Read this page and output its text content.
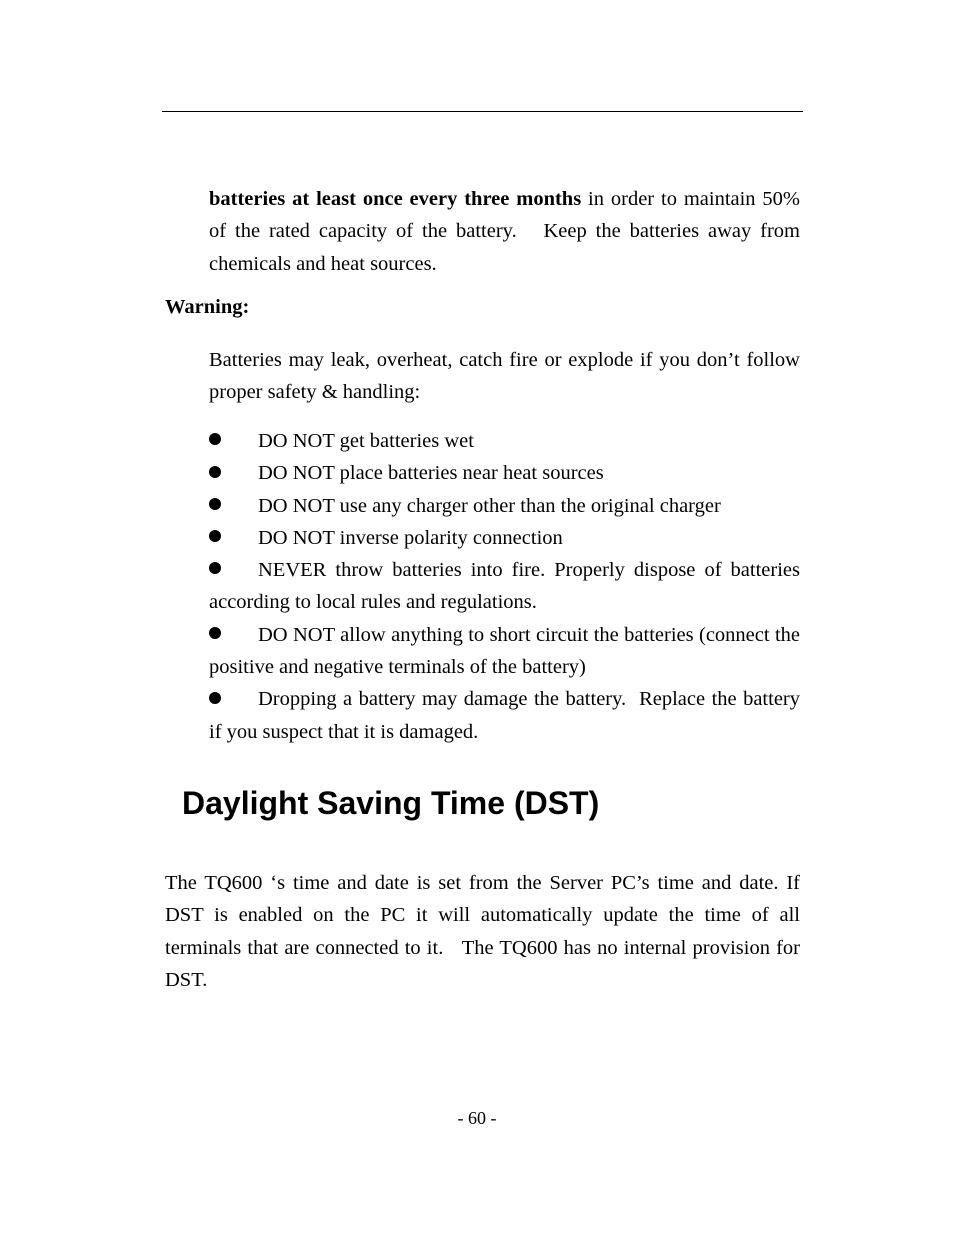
batteries at least once every three months in order to maintain 50% of the rated capacity of the battery.   Keep the batteries away from chemicals and heat sources.
Warning:
Batteries may leak, overheat, catch fire or explode if you don’t follow proper safety & handling:
DO NOT get batteries wet
DO NOT place batteries near heat sources
DO NOT use any charger other than the original charger
DO NOT inverse polarity connection
NEVER throw batteries into fire. Properly dispose of batteries according to local rules and regulations.
DO NOT allow anything to short circuit the batteries (connect the positive and negative terminals of the battery)
Dropping a battery may damage the battery.  Replace the battery if you suspect that it is damaged.
Daylight Saving Time (DST)
The TQ600 ‘s time and date is set from the Server PC’s time and date. If DST is enabled on the PC it will automatically update the time of all terminals that are connected to it.   The TQ600 has no internal provision for DST.
- 60 -
